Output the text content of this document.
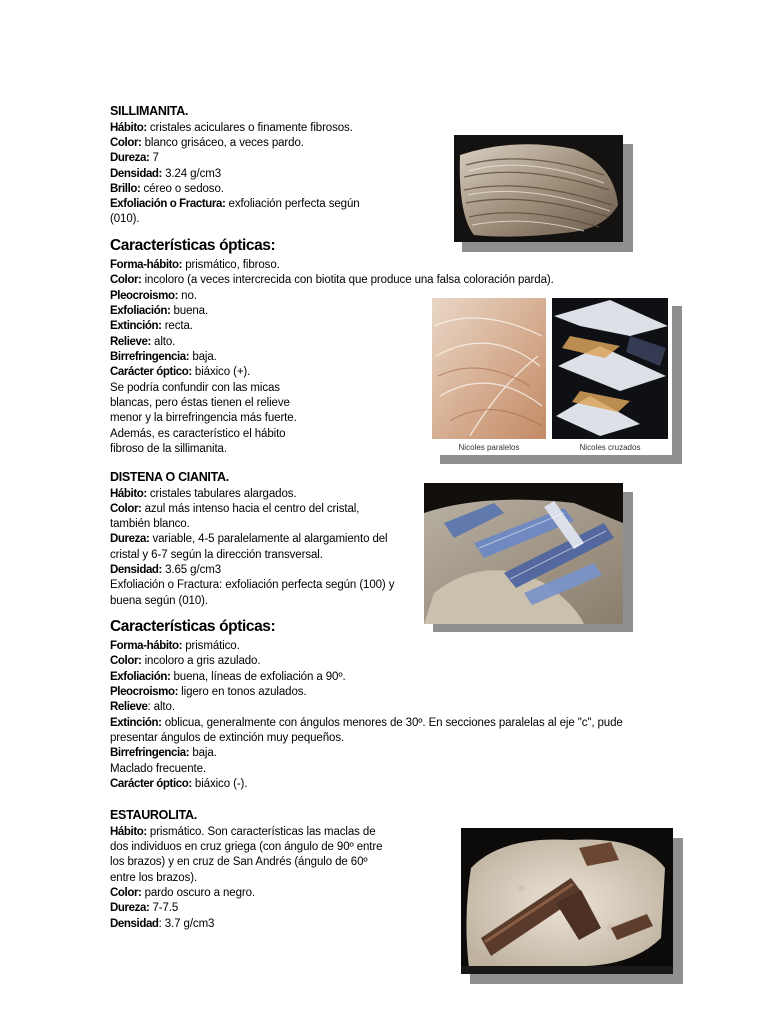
SILLIMANITA.
Hábito: cristales aciculares o finamente fibrosos.
Color: blanco grisáceo, a veces pardo.
Dureza: 7
Densidad: 3.24 g/cm3
Brillo: céreo o sedoso.
Exfoliación o Fractura: exfoliación perfecta según
(010).
Características ópticas:
Forma-hábito: prismático, fibroso.
Color: incoloro (a veces intercrecida con biotita que produce una falsa coloración parda).
Pleocroismo: no.
Exfoliación: buena.
Extinción: recta.
Relieve: alto.
Birrefringencia: baja.
Carácter óptico: biáxico (+).
Se podría confundir con las micas
blancas, pero éstas tienen el relieve
menor y la birrefringencia más fuerte.
Además, es característico el hábito
fibroso de la sillimanita.	Nicoles paralelos	Nicoles cruzados
DISTENA O CIANITA.
Hábito: cristales tabulares alargados.
Color: azul más intenso hacia el centro del cristal,
también blanco.
Dureza: variable, 4-5 paralelamente al alargamiento del
cristal y 6-7 según la dirección transversal.
Densidad: 3.65 g/cm3
Exfoliación o Fractura: exfoliación perfecta según (100) y
buena según (010).
Características ópticas:
Forma-hábito: prismático.
Color: incoloro a gris azulado.
Exfoliación: buena, líneas de exfoliación a 90º.
Pleocroismo: ligero en tonos azulados.
Relieve: alto.
Extinción: oblicua, generalmente con ángulos menores de 30º. En secciones paralelas al eje "c", pude
presentar ángulos de extinción muy pequeños.
Birrefringencia: baja.
Maclado frecuente.
Carácter óptico: biáxico (-).
ESTAUROLITA.
Hábito: prismático. Son características las maclas de
dos individuos en cruz griega (con ángulo de 90º entre
los brazos) y en cruz de San Andrés (ángulo de 60º
entre los brazos).
Color: pardo oscuro a negro.
Dureza: 7-7.5
Densidad: 3.7 g/cm3
